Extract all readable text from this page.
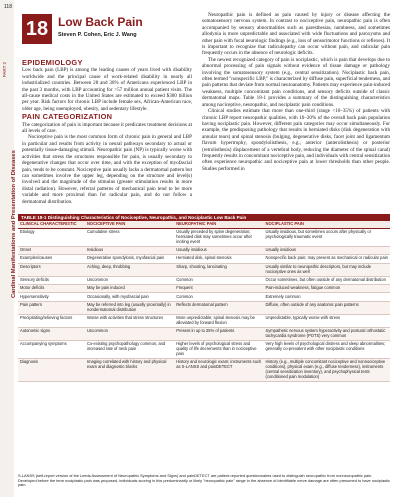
Cardinal Manifestations and Presentation of Diseases
PART 2
118
18 Low Back Pain
Steven P. Cohen, Eric J. Wang
EPIDEMIOLOGY

Low back pain (LBP) is among the leading causes of years lived with disability worldwide and the principal cause of work-related disability in nearly all industrialized countries. Between 28 and 38% of Americans experienced LBP in the past 3 months, with LBP accounting for >57 million annual patient visits. The all-cause medical costs in the United States are estimated to exceed $300 billion per year. Risk factors for chronic LBP include female sex, African-American race, older age, being unemployed, obesity, and sedentary lifestyle.

PAIN CATEGORIZATION

The categorization of pain is important because it predicates treatment decisions at all levels of care.

Nociceptive pain is the most common form of chronic pain in general and LBP in particular and results from activity in neural pathways secondary to actual or potentially tissue-damaging stimuli. Neuropathic pain (NP) is typically worse with activities that stress the structures responsible for pain, is usually secondary to degenerative changes that occur over time, and with the exception of myofascial pain, tends to be constant. Nociceptive pain usually lacks a dermatomal pattern but can sometimes involve the upper leg, depending on the structure and level(s) involved and the magnitude of the stimulus (greater stimulation results in more distal radiation). However, referral patterns of mechanical pain tend to be more variable and more proximal than for radicular pain, and do not follow a dermatomal distribution.

Neuropathic pain is defined as pain caused by injury or disease affecting the somatosensory nervous system. In contrast to nociceptive pain, neuropathic pain is often accompanied by sensory abnormalities such as paresthesias, numbness, and sometimes allodynia is more unpredictable and associated with wide fluctuations and paroxysms and other pain with focal neurologic findings (e.g., loss of sensorimotor functions or reflexes). It is important to recognize that radiculopathy can occur without pain, and radicular pain frequently occurs in the absence of neurologic deficits.

The newest recognized category of pain is nociplastic, which is pain that develops due to abnormal processing of pain signals without evidence of tissue damage or pathology involving the somatosensory system (e.g., central sensitization). Nociplastic back pain, often termed "nonspecific LBP," is characterized by diffuse pain, superficial tenderness, and pain patterns that deviate from normal neuroanatomy. Patients may experience pain-induced weakness, multiple concomitant pain conditions, and sensory deficits outside of classic dermatomal maps. Table 18-1 provides a summary of the distinguishing characteristics among nociceptive, neuropathic, and nociplastic pain conditions.

Clinical studies estimate that more than one-third (range <10–35%) of patients with chronic LBP report neuropathic qualities, with 10–20% of the overall back pain population having nociplastic pain. However, different pain categories may occur simultaneously. For example, the predisposing pathology that results in herniated disks (disk degeneration with annular tears) and spinal stenosis (bulging, degenerative disks, facet joint and ligamentum flavum hypertrophy, spondylolisthesis, e.g., anterior (anterolisthesis) or posterior (retrolisthesis) displacement of a vertebral body, reducing the diameter of the spinal canal) frequently results in concomitant nociceptive pain, and individuals with central sensitization often experience neuropathic and nociceptive pain at lower thresholds than other people. Studies performed in

TABLE 18-1 Distinguishing Characteristics of Nociceptive, Neuropathic, and Nociplastic Low Back Pain
CLINICAL CHARACTERISTIC	NOCICEPTIVE PAIN	NEUROPATHIC PAIN	NOCIPLASTIC PAIN
Etiology	Cumulative stress	Usually preceded by spine degeneration; herniated disk may sometimes occur after inciting event	Usually insidious, but sometimes occurs after physically or psychologically traumatic event
Onset	Insidious	Usually insidious	Usually insidious
Examples/causes	Degenerative spondylosis, myofascial pain	Herniated disk, spinal stenosis	Nonspecific back pain; may present as mechanical or radicular pain
Descriptors	Aching, deep, throbbing	Sharp, shooting, lancinating	Usually similar to neuropathic descriptors, but may include nociceptive ones as well
Sensory deficits	Uncommon	Common	Occur sometimes, but often outside of any dermatomal distribution
Motor deficits	May be pain induced	Frequent	Pain-induced weakness, fatigue common
Hypersensitivity	Occasionally, with myofascial pain	Common	Extremely common
Pain pattern	May be referred into leg (usually proximally) in nondermatomal distribution	Reflects dermatomal pattern	Diffuse, often outside of any anatomic pain patterns
Precipitating/relieving factors	Worse with activities that stress structures	More unpredictable; spinal stenosis may be alleviated by forward flexion	Unpredictable, typically worse with stress
Autonomic signs	Uncommon	Present in up to 25% of patients	Sympathetic nervous system hyperactivity and postural orthostatic tachycardia syndrome (POTS) very common
Accompanying symptoms	Co-existing psychopathology common, and increased rate of neck pain	Higher levels of psychological stress and quality of life decrements than in nociceptive pain	Very high levels of psychological distress and sleep abnormalities; generally co-prevalent with other nociplastic conditions
Diagnosis	Imaging correlated with history and physical exam and diagnostic blocks	History and neurologic exam; instruments such as S-LANSS and painDETECT	History (e.g., multiple concomitant nociceptive and nonnociceptive conditions), physical exam (e.g., diffuse tenderness), instruments (central sensitization inventory), and psychophysical tests (conditioned pain modulation)
S-LANSS (self-report version of the Leeds Assessment of Neuropathic Symptoms and Signs) and painDETECT are patient-reported questionnaires used to distinguish neuropathic from nonneuropathic pain. Developed before the term nociplastic pain was proposed, individuals scoring in this predominantly or likely "neuropathic pain" range in the absence of identifiable nerve damage are often presumed to have nociplastic pain.
